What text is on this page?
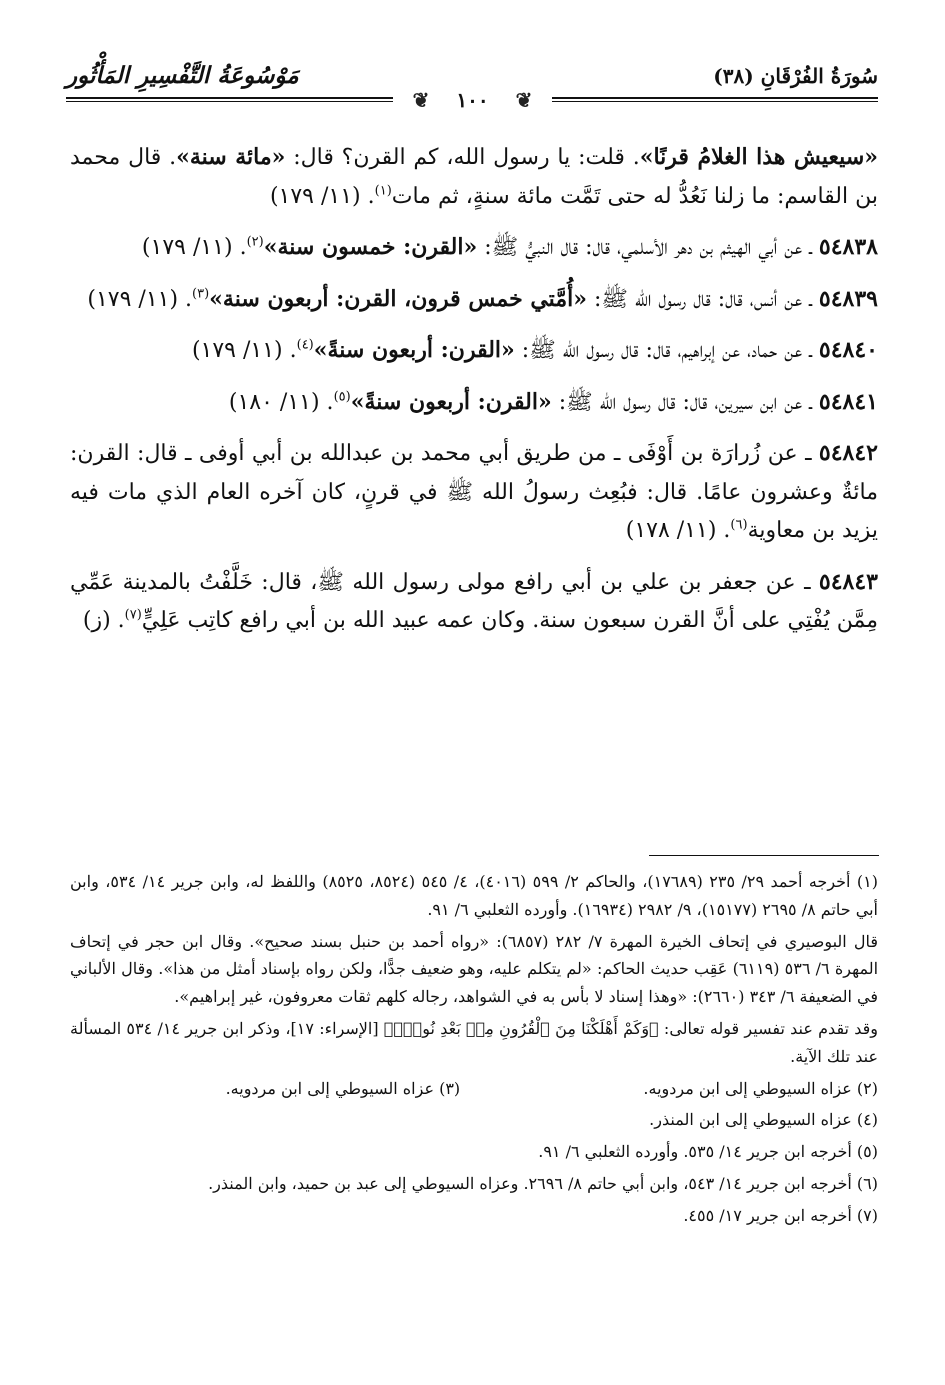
سُورَةُ الفُرْقَانِ (٣٨)
مَوْسُوعَةُ التَّفْسِيرِ المَأْثُور
❦ ١٠٠ ❦

«سيعيش هذا الغلامُ قرنًا». قلت: يا رسول الله، كم القرن؟ قال: «مائة سنة». قال محمد بن القاسم: ما زلنا نَعُدُّ له حتى تَمَّت مائة سنةٍ، ثم مات$^{(١)}$. (١١/ ١٧٩)

٥٤٨٣٨ ـ عن أبي الهيثم بن دهر الأسلمي، قال: قال النبيُّ ﷺ: «القرن: خمسون سنة»$^{(٢)}$. (١١/ ١٧٩)

٥٤٨٣٩ ـ عن أنس، قال: قال رسول الله ﷺ: «أُمَّتي خمس قرون، القرن: أربعون سنة»$^{(٣)}$. (١١/ ١٧٩)

٥٤٨٤٠ ـ عن حماد، عن إبراهيم، قال: قال رسول الله ﷺ: «القرن: أربعون سنةً»$^{(٤)}$. (١١/ ١٧٩)

٥٤٨٤١ ـ عن ابن سيرين، قال: قال رسول الله ﷺ: «القرن: أربعون سنةً»$^{(٥)}$. (١١/ ١٨٠)

٥٤٨٤٢ ـ عن زُرارَة بن أَوْفَى ـ من طريق أبي محمد بن عبدالله بن أبي أوفى ـ قال: القرن: مائةٌ وعشرون عامًا. قال: فبُعِث رسولُ الله ﷺ في قرنٍ، كان آخره العام الذي مات فيه يزيد بن معاوية$^{(٦)}$. (١١/ ١٧٨)

٥٤٨٤٣ ـ عن جعفر بن علي بن أبي رافع مولى رسول الله ﷺ، قال: خَلَّفْتُ بالمدينة عَمِّي مِمَّن يُفْتِي على أنَّ القرن سبعون سنة. وكان عمه عبيد الله بن أبي رافع كاتِب عَلِيٍّ$^{(٧)}$. (ز)

(١) أخرجه أحمد ٢٩/ ٢٣٥ (١٧٦٨٩)، والحاكم ٢/ ٥٩٩ (٤٠١٦)، ٤/ ٥٤٥ (٨٥٢٤، ٨٥٢٥) واللفظ له، وابن جرير ١٤/ ٥٣٤، وابن أبي حاتم ٨/ ٢٦٩٥ (١٥١٧٧)، ٩/ ٢٩٨٢ (١٦٩٣٤). وأورده الثعلبي ٦/ ٩١.

قال البوصيري في إتحاف الخيرة المهرة ٧/ ٢٨٢ (٦٨٥٧): «رواه أحمد بن حنبل بسند صحيح». وقال ابن حجر في إتحاف المهرة ٦/ ٥٣٦ (٦١١٩) عَقِب حديث الحاكم: «لم يتكلم عليه، وهو ضعيف جدًّا، ولكن رواه بإسناد أمثل من هذا». وقال الألباني في الضعيفة ٦/ ٣٤٣ (٢٦٦٠): «وهذا إسناد لا بأس به في الشواهد، رجاله كلهم ثقات معروفون، غير إبراهيم».

وقد تقدم عند تفسير قوله تعالى: ﴿وَكَمْ أَهْلَكْنَا مِنَ ٱلْقُرُونِ مِنۢ بَعْدِ نُوحٍۗ﴾ [الإسراء: ١٧]، وذكر ابن جرير ١٤/ ٥٣٤ المسألة عند تلك الآية.

(٢) عزاه السيوطي إلى ابن مردويه.
(٣) عزاه السيوطي إلى ابن مردويه.

(٤) عزاه السيوطي إلى ابن المنذر.

(٥) أخرجه ابن جرير ١٤/ ٥٣٥. وأورده الثعلبي ٦/ ٩١.

(٦) أخرجه ابن جرير ١٤/ ٥٤٣، وابن أبي حاتم ٨/ ٢٦٩٦. وعزاه السيوطي إلى عبد بن حميد، وابن المنذر.

(٧) أخرجه ابن جرير ١٧/ ٤٥٥.
